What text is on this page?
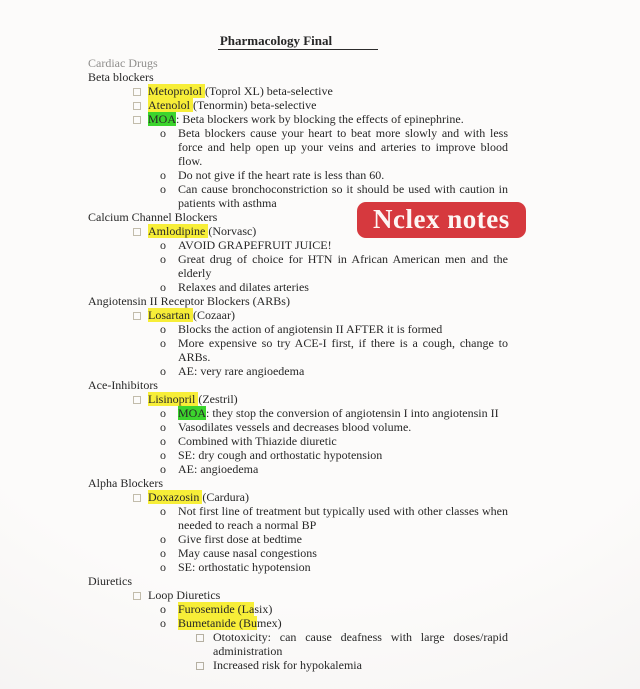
Pharmacology Final
Cardiac Drugs
Beta blockers
Metoprolol (Toprol XL) beta-selective
Atenolol (Tenormin) beta-selective
MOA: Beta blockers work by blocking the effects of epinephrine.
o Beta blockers cause your heart to beat more slowly and with less force and help open up your veins and arteries to improve blood flow.
o Do not give if the heart rate is less than 60.
o Can cause bronchoconstriction so it should be used with caution in patients with asthma
Calcium Channel Blockers
Amlodipine (Norvasc)
o AVOID GRAPEFRUIT JUICE!
o Great drug of choice for HTN in African American men and the elderly
o Relaxes and dilates arteries
Angiotensin II Receptor Blockers (ARBs)
Losartan (Cozaar)
o Blocks the action of angiotensin II AFTER it is formed
o More expensive so try ACE-I first, if there is a cough, change to ARBs.
o AE: very rare angioedema
Ace-Inhibitors
Lisinopril (Zestril)
o MOA: they stop the conversion of angiotensin I into angiotensin II
o Vasodilates vessels and decreases blood volume.
o Combined with Thiazide diuretic
o SE: dry cough and orthostatic hypotension
o AE: angioedema
Alpha Blockers
Doxazosin (Cardura)
o Not first line of treatment but typically used with other classes when needed to reach a normal BP
o Give first dose at bedtime
o May cause nasal congestions
o SE: orthostatic hypotension
Diuretics
Loop Diuretics
o Furosemide (Lasix)
o Bumetanide (Bumex)
Ototoxicity: can cause deafness with large doses/rapid administration
Increased risk for hypokalemia
Nclex notes
